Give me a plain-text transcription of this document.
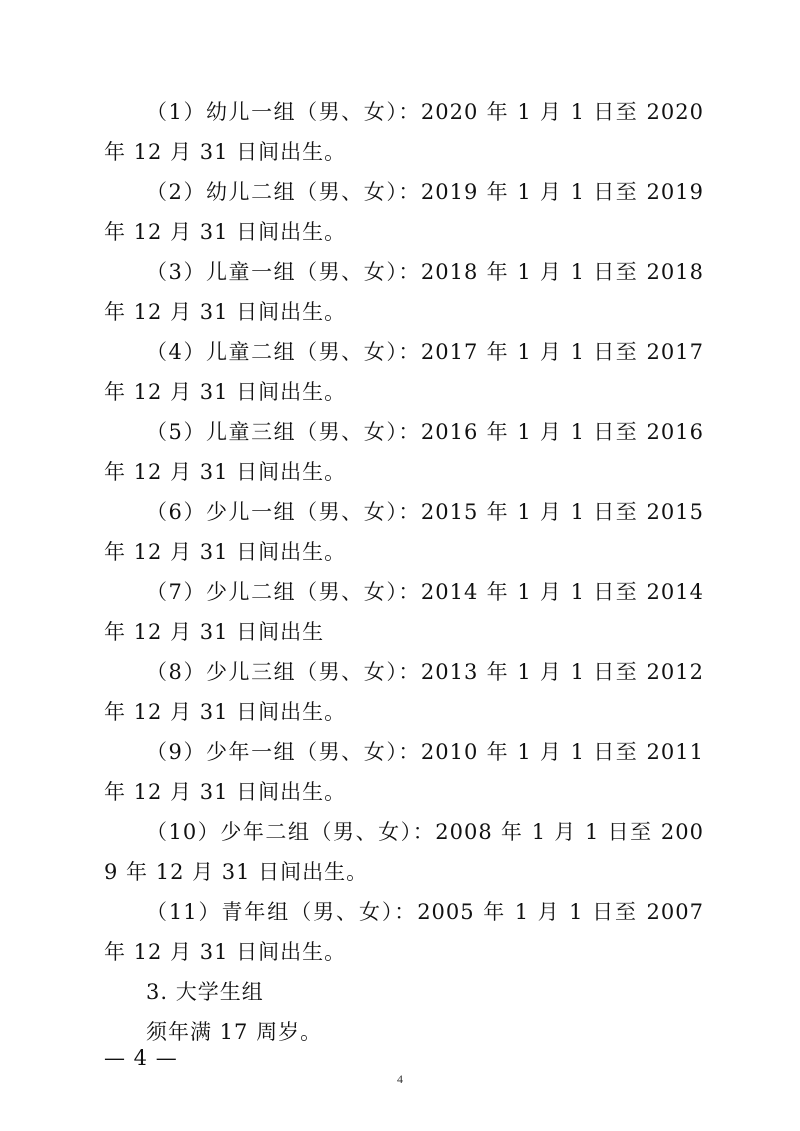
（1）幼儿一组（男、女）：2020 年 1 月 1 日至 2020 年 12 月 31 日间出生。

（2）幼儿二组（男、女）：2019 年 1 月 1 日至 2019 年 12 月 31 日间出生。

（3）儿童一组（男、女）：2018 年 1 月 1 日至 2018 年 12 月 31 日间出生。

（4）儿童二组（男、女）：2017 年 1 月 1 日至 2017 年 12 月 31 日间出生。

（5）儿童三组（男、女）：2016 年 1 月 1 日至 2016 年 12 月 31 日间出生。

（6）少儿一组（男、女）：2015 年 1 月 1 日至 2015 年 12 月 31 日间出生。

（7）少儿二组（男、女）：2014 年 1 月 1 日至 2014 年 12 月 31 日间出生

（8）少儿三组（男、女）：2013 年 1 月 1 日至 2012 年 12 月 31 日间出生。

（9）少年一组（男、女）：2010 年 1 月 1 日至 2011 年 12 月 31 日间出生。

（10）少年二组（男、女）：2008 年 1 月 1 日至 2009 年 12 月 31 日间出生。

（11）青年组（男、女）：2005 年 1 月 1 日至 2007 年 12 月 31 日间出生。

3. 大学生组

须年满 17 周岁。

— 4 —
4
